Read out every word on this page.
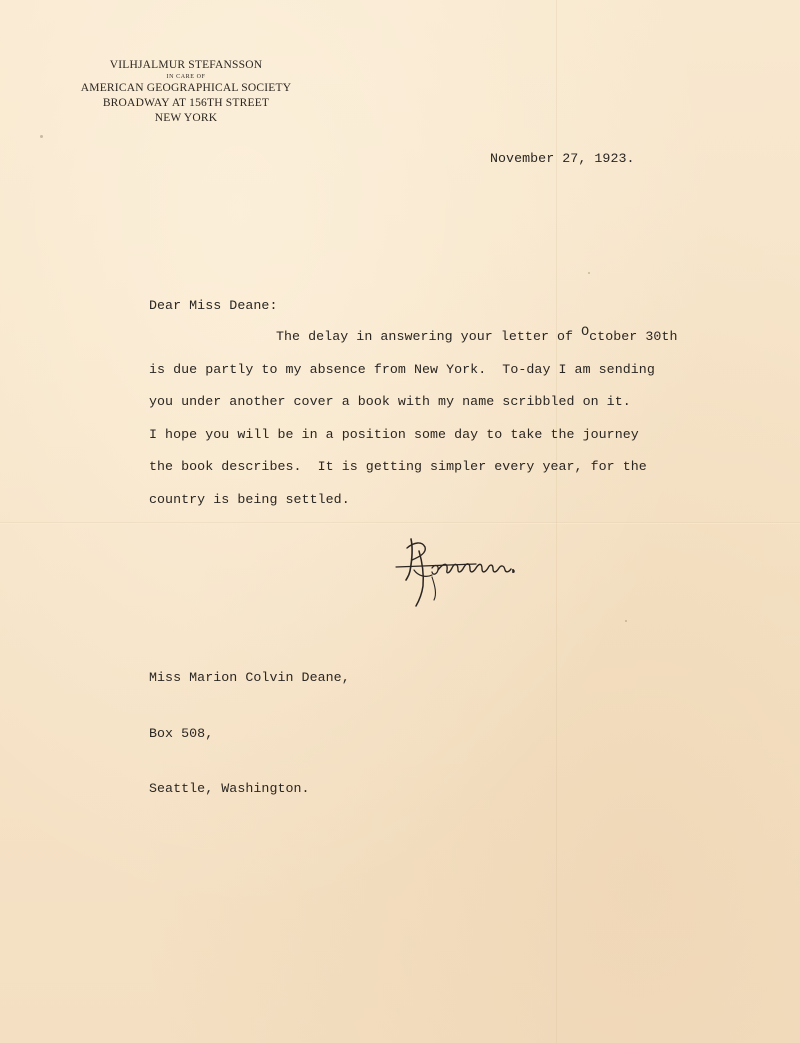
VILHJALMUR STEFANSSON
IN CARE OF
AMERICAN GEOGRAPHICAL SOCIETY
BROADWAY AT 156TH STREET
NEW YORK
November 27, 1923.
Dear Miss Deane:
The delay in answering your letter of October 30th
is due partly to my absence from New York.  To-day I am sending
you under another cover a book with my name scribbled on it.
I hope you will be in a position some day to take the journey
the book describes.  It is getting simpler every year, for the
country is being settled.

Miss Marion Colvin Deane,

Box 508,

Seattle, Washington.
